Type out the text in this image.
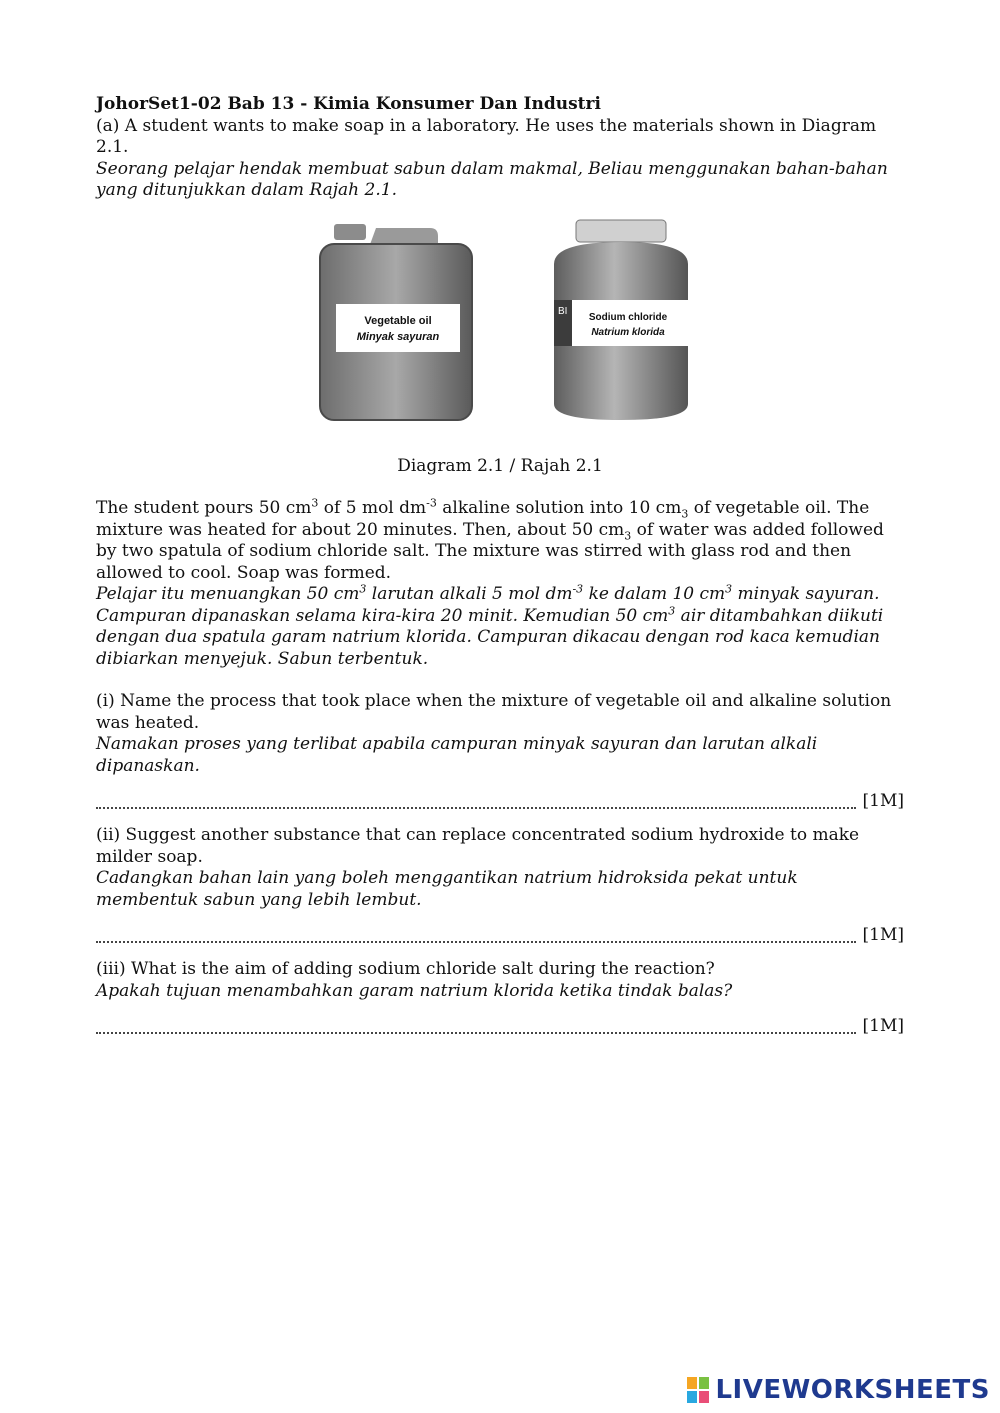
JohorSet1-02 Bab 13 - Kimia Konsumer Dan Industri

(a) A student wants to make soap in a laboratory. He uses the materials shown in Diagram 2.1.

Seorang pelajar hendak membuat sabun dalam makmal, Beliau menggunakan bahan-bahan yang ditunjukkan dalam Rajah 2.1.

Vegetable oil
Minyak sayuran
BI
Sodium chloride
Natrium klorida

Diagram 2.1 / Rajah 2.1

The student pours 50 $cm^3$ of 5 mol $dm^{-3}$ alkaline solution into 10 $cm_3$ of vegetable oil. The mixture was heated for about 20 minutes. Then, about 50 $cm_3$ of water was added followed by two spatula of sodium chloride salt. The mixture was stirred with glass rod and then allowed to cool. Soap was formed.

Pelajar itu menuangkan 50 $cm^3$ larutan alkali 5 mol $dm^{-3}$ ke dalam 10 $cm^3$ minyak sayuran. Campuran dipanaskan selama kira-kira 20 minit. Kemudian 50 $cm^3$ air ditambahkan diikuti dengan dua spatula garam natrium klorida. Campuran dikacau dengan rod kaca kemudian dibiarkan menyejuk. Sabun terbentuk.

(i) Name the process that took place when the mixture of vegetable oil and alkaline solution was heated.

Namakan proses yang terlibat apabila campuran minyak sayuran dan larutan alkali dipanaskan.

[1M]

(ii) Suggest another substance that can replace concentrated sodium hydroxide to make milder soap.

Cadangkan bahan lain yang boleh menggantikan natrium hidroksida pekat untuk membentuk sabun yang lebih lembut.

[1M]

(iii) What is the aim of adding sodium chloride salt during the reaction?

Apakah tujuan menambahkan garam natrium klorida ketika tindak balas?

[1M]
LIVEWORKSHEETS
